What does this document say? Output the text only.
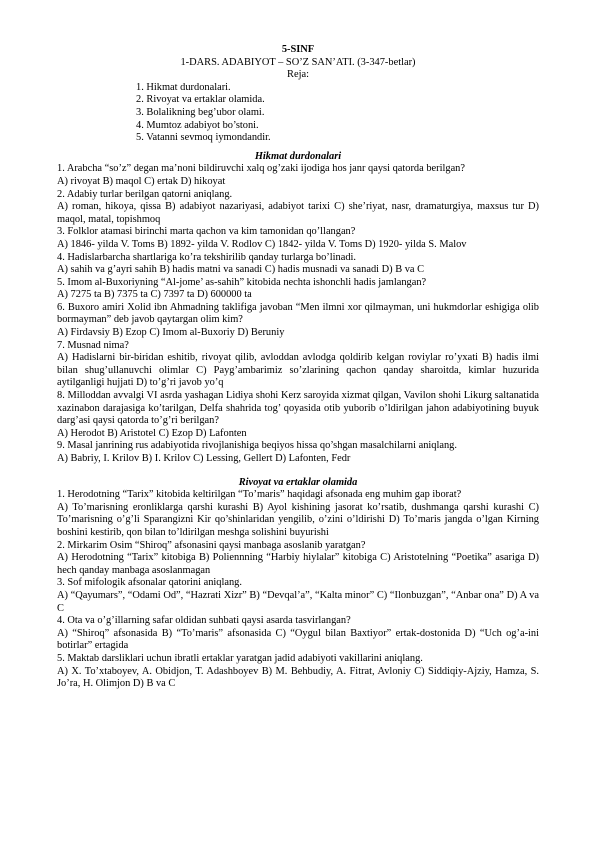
5-SINF
1-DARS. ADABIYOT – SO’Z SAN’ATI. (3-347-betlar)
Reja:
1. Hikmat durdonalari.
2. Rivoyat va ertaklar olamida.
3. Bolalikning beg’ubor olami.
4. Mumtoz adabiyot bo’stoni.
5. Vatanni sevmoq iymondandir.
Hikmat durdonalari

1. Arabcha “so’z” degan ma’noni bildiruvchi xalq og’zaki ijodiga hos janr qaysi qatorda berilgan?

A) rivoyat B) maqol C) ertak D) hikoyat

2. Adabiy turlar berilgan qatorni aniqlang.

A) roman, hikoya, qissa B) adabiyot nazariyasi, adabiyot tarixi C) she’riyat, nasr, dramaturgiya, maxsus tur D) maqol, matal, topishmoq

3. Folklor atamasi birinchi marta qachon va kim tamonidan qo’llangan?

A) 1846- yilda V. Toms B) 1892- yilda V. Rodlov C) 1842- yilda V. Toms D) 1920- yilda S. Malov

4. Hadislarbarcha shartlariga ko’ra tekshirilib qanday turlarga bo’linadi.

A) sahih va g’ayri sahih B) hadis matni va sanadi C) hadis musnadi va sanadi D) B va C

5. Imom al-Buxoriyning “Al-jome’ as-sahih” kitobida nechta ishonchli hadis jamlangan?

A) 7275 ta B) 7375 ta C) 7397 ta D) 600000 ta

6. Buxoro amiri Xolid ibn Ahmadning taklifiga javoban “Men ilmni xor qilmayman, uni hukmdorlar eshigiga olib bormayman” deb javob qaytargan olim kim?

A) Firdavsiy B) Ezop C) Imom al-Buxoriy D) Beruniy

7. Musnad nima?

A) Hadislarni bir-biridan eshitib, rivoyat qilib, avloddan avlodga qoldirib kelgan roviylar ro’yxati B) hadis ilmi bilan shug’ullanuvchi olimlar C) Payg’ambarimiz so’zlarining qachon qanday sharoitda, kimlar huzurida aytilganligi hujjati D) to’g’ri javob yo’q

8. Milloddan avvalgi VI asrda yashagan Lidiya shohi Kerz saroyida xizmat qilgan, Vavilon shohi Likurg saltanatida xazinabon darajasiga ko’tarilgan, Delfa shahrida tog’ qoyasida otib yuborib o’ldirilgan jahon adabiyotining buyuk darg’asi qaysi qatorda to’g’ri berilgan?

A) Herodot B) Aristotel C) Ezop D) Lafonten

9. Masal janrining rus adabiyotida rivojlanishiga beqiyos hissa qo’shgan masalchilarni aniqlang.

A) Babriy, I. Krilov B) I. Krilov C) Lessing, Gellert D) Lafonten, Fedr

Rivoyat va ertaklar olamida

1. Herodotning “Tarix” kitobida keltirilgan “To’maris” haqidagi afsonada eng muhim gap iborat?

A) To’marisning eronliklarga qarshi kurashi B) Ayol kishining jasorat ko’rsatib, dushmanga qarshi kurashi C) To’marisning o’g’li Sparangizni Kir qo’shinlaridan yengilib, o’zini o’ldirishi D) To’maris jangda o’lgan Kirning boshini kestirib, qon bilan to’ldirilgan meshga solishini buyurishi

2. Mirkarim Osim “Shiroq” afsonasini qaysi manbaga asoslanib yaratgan?

A) Herodotning “Tarix” kitobiga B) Poliennning “Harbiy hiylalar” kitobiga C) Aristotelning “Poetika” asariga D) hech qanday manbaga asoslanmagan

3. Sof mifologik afsonalar qatorini aniqlang.

A) “Qayumars”, “Odami Od”, “Hazrati Xizr” B) “Devqal’a”, “Kalta minor” C) “Ilonbuzgan”, “Anbar ona” D) A va C

4. Ota va o’g’illarning safar oldidan suhbati qaysi asarda tasvirlangan?

A) “Shiroq” afsonasida B) “To’maris” afsonasida C) “Oygul bilan Baxtiyor” ertak-dostonida D) “Uch og’a-ini botirlar” ertagida

5. Maktab darsliklari uchun ibratli ertaklar yaratgan jadid adabiyoti vakillarini aniqlang.

A) X. To’xtaboyev, A. Obidjon, T. Adashboyev B) M. Behbudiy, A. Fitrat, Avloniy C) Siddiqiy-Ajziy, Hamza, S. Jo’ra, H. Olimjon D) B va C
